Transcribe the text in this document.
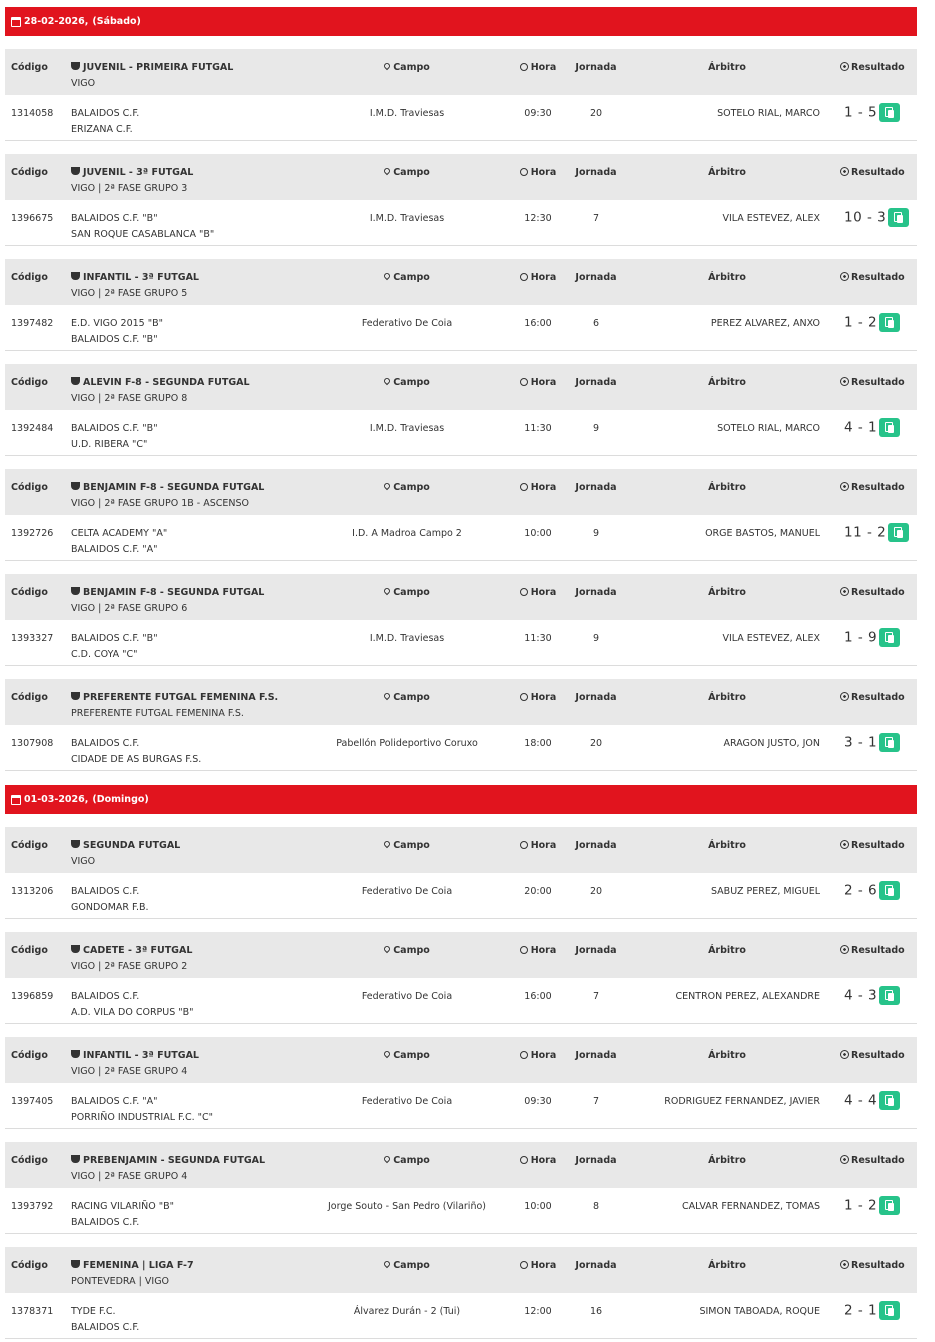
28-02-2026, (Sábado)
Código	JUVENIL - PRIMEIRA FUTGAL
VIGO
Campo	Hora	Jornada	Árbitro	Resultado
1314058 BALAIDOS C.F.
ERIZANA C.F.
I.M.D. Traviesas	09:30	20	SOTELO RIAL, MARCO 1 - 5
Código	JUVENIL - 3ª FUTGAL
VIGO | 2ª FASE GRUPO 3
Campo	Hora	Jornada	Árbitro	Resultado
1396675 BALAIDOS C.F. "B"
SAN ROQUE CASABLANCA "B"
I.M.D. Traviesas	12:30	7	VILA ESTEVEZ, ALEX 10 - 3
Código	INFANTIL - 3ª FUTGAL
VIGO | 2ª FASE GRUPO 5
Campo	Hora	Jornada	Árbitro	Resultado
1397482 E.D. VIGO 2015 "B"
BALAIDOS C.F. "B"
Federativo De Coia	16:00	6	PEREZ ALVAREZ, ANXO 1 - 2
Código	ALEVIN F-8 - SEGUNDA FUTGAL
VIGO | 2ª FASE GRUPO 8
Campo	Hora	Jornada	Árbitro	Resultado
1392484 BALAIDOS C.F. "B"
U.D. RIBERA "C"
I.M.D. Traviesas	11:30	9	SOTELO RIAL, MARCO 4 - 1
Código	BENJAMIN F-8 - SEGUNDA FUTGAL
VIGO | 2ª FASE GRUPO 1B - ASCENSO
Campo	Hora	Jornada	Árbitro	Resultado
1392726 CELTA ACADEMY "A"
BALAIDOS C.F. "A"
I.D. A Madroa Campo 2	10:00	9	ORGE BASTOS, MANUEL 11 - 2
Código	BENJAMIN F-8 - SEGUNDA FUTGAL
VIGO | 2ª FASE GRUPO 6
Campo	Hora	Jornada	Árbitro	Resultado
1393327 BALAIDOS C.F. "B"
C.D. COYA "C"
I.M.D. Traviesas	11:30	9	VILA ESTEVEZ, ALEX 1 - 9
Código	PREFERENTE FUTGAL FEMENINA F.S.
PREFERENTE FUTGAL FEMENINA F.S.
Campo	Hora	Jornada	Árbitro	Resultado
1307908 BALAIDOS C.F.
CIDADE DE AS BURGAS F.S.
Pabellón Polideportivo Coruxo	18:00	20	ARAGON JUSTO, JON 3 - 1
01-03-2026, (Domingo)
Código	SEGUNDA FUTGAL
VIGO
Campo	Hora	Jornada	Árbitro	Resultado
1313206 BALAIDOS C.F.
GONDOMAR F.B.
Federativo De Coia	20:00	20	SABUZ PEREZ, MIGUEL 2 - 6
Código	CADETE - 3ª FUTGAL
VIGO | 2ª FASE GRUPO 2
Campo	Hora	Jornada	Árbitro	Resultado
1396859 BALAIDOS C.F.
A.D. VILA DO CORPUS "B"
Federativo De Coia	16:00	7	CENTRON PEREZ, ALEXANDRE 4 - 3
Código	INFANTIL - 3ª FUTGAL
VIGO | 2ª FASE GRUPO 4
Campo	Hora	Jornada	Árbitro	Resultado
1397405 BALAIDOS C.F. "A"
PORRIÑO INDUSTRIAL F.C. "C"
Federativo De Coia	09:30	7	RODRIGUEZ FERNANDEZ, JAVIER 4 - 4
Código	PREBENJAMIN - SEGUNDA FUTGAL
VIGO | 2ª FASE GRUPO 4
Campo	Hora	Jornada	Árbitro	Resultado
1393792 RACING VILARIÑO "B"
BALAIDOS C.F.
Jorge Souto - San Pedro (Vilariño)	10:00	8	CALVAR FERNANDEZ, TOMAS 1 - 2
Código	FEMENINA | LIGA F-7
PONTEVEDRA | VIGO
Campo	Hora	Jornada	Árbitro	Resultado
1378371 TYDE F.C.
BALAIDOS C.F.
Álvarez Durán - 2 (Tui)	12:00	16	SIMON TABOADA, ROQUE 2 - 1
